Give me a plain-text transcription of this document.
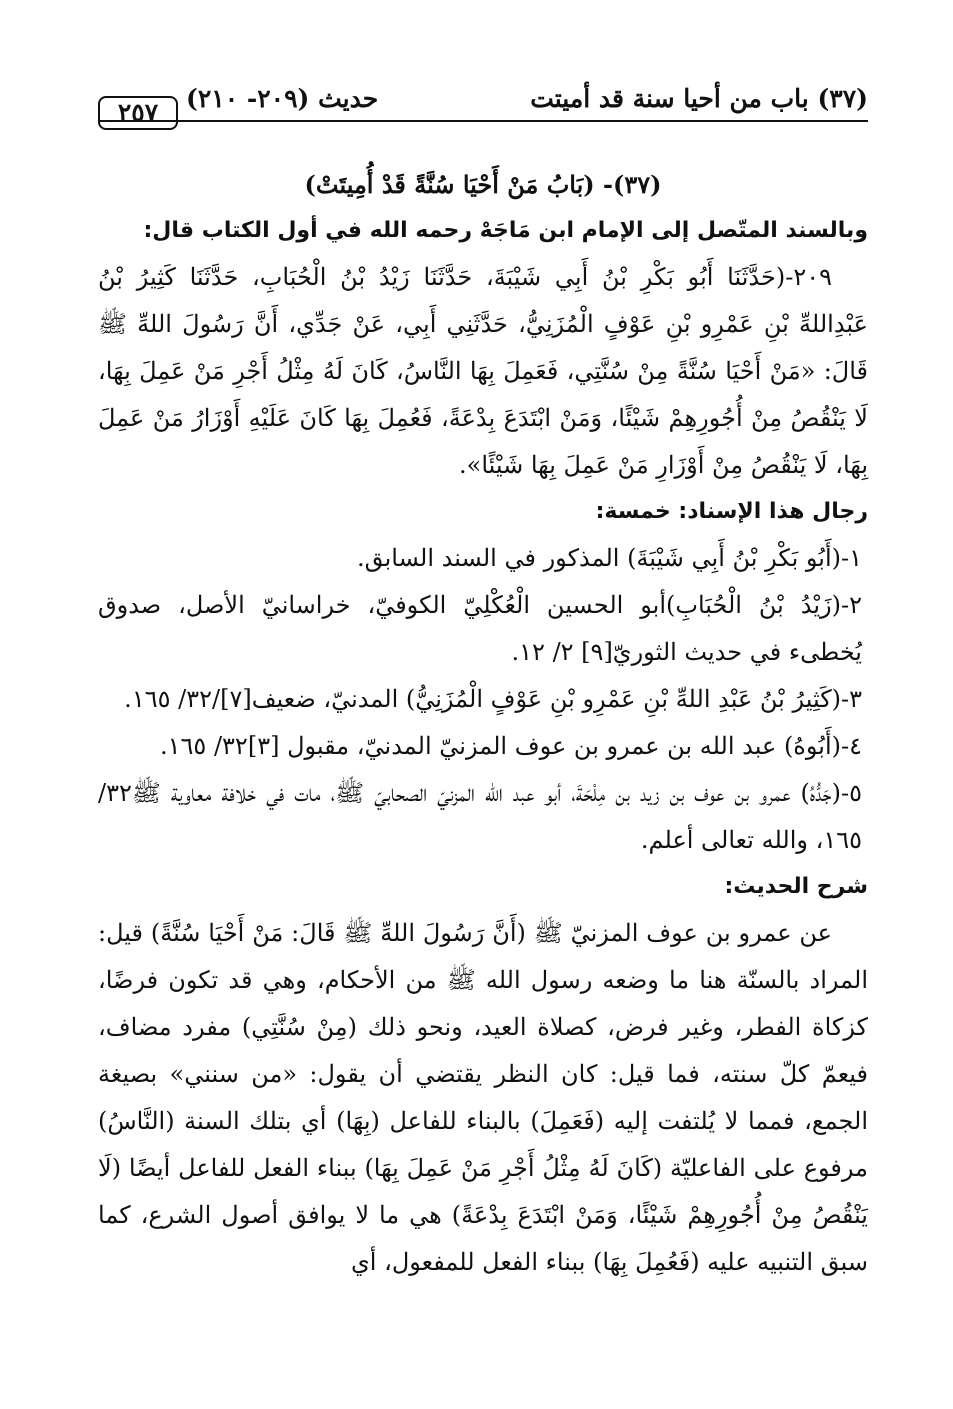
(٣٧) باب من أحيا سنة قد أميتت
حديث (٢٠٩- ٢١٠)
٢٥٧

(٣٧)- (بَابُ مَنْ أَحْيَا سُنَّةً قَدْ أُمِيتَتْ)

وبالسند المتّصل إلى الإمام ابن مَاجَهْ رحمه الله في أول الكتاب قال:

٢٠٩-(حَدَّثَنَا أَبُو بَكْرِ بْنُ أَبِي شَيْبَةَ، حَدَّثَنَا زَيْدُ بْنُ الْحُبَابِ، حَدَّثَنَا كَثِيرُ بْنُ عَبْدِاللهِّ بْنِ عَمْرِو بْنِ عَوْفٍ الْمُزَنِيُّ، حَدَّثَنِي أَبِي، عَنْ جَدِّي، أَنَّ رَسُولَ اللهِّ ﷺ قَالَ: «مَنْ أَحْيَا سُنَّةً مِنْ سُنَّتِي، فَعَمِلَ بِهَا النَّاسُ، كَانَ لَهُ مِثْلُ أَجْرِ مَنْ عَمِلَ بِهَا، لَا يَنْقُصُ مِنْ أُجُورِهِمْ شَيْئًا، وَمَنْ ابْتَدَعَ بِدْعَةً، فَعُمِلَ بِهَا كَانَ عَلَيْهِ أَوْزَارُ مَنْ عَمِلَ بِهَا، لَا يَنْقُصُ مِنْ أَوْزَارِ مَنْ عَمِلَ بِهَا شَيْئًا».

رجال هذا الإسناد: خمسة:

١-(أَبُو بَكْرِ بْنُ أَبِي شَيْبَةَ) المذكور في السند السابق.

٢-(زَيْدُ بْنُ الْحُبَابِ)أبو الحسين الْعُكْلِيّ الكوفيّ، خراسانيّ الأصل، صدوق يُخطىء في حديث الثوريّ[٩] ٢/ ١٢.

٣-(كَثِيرُ بْنُ عَبْدِ اللهِّ بْنِ عَمْرِو بْنِ عَوْفٍ الْمُزَنِيُّ) المدنيّ، ضعيف[٧]/٣٢/ ١٦٥.

٤-(أَبُوهُ) عبد الله بن عمرو بن عوف المزنيّ المدنيّ، مقبول [٣]٣٢/ ١٦٥.

٥-(جَدُّهُ) عمرو بن عوف بن زيد بن مِلْحَةَ، أبو عبد الله المزنيّ الصحابيّ ﷺ، مات في خلافة معاوية ﷺ٣٢/ ١٦٥، والله تعالى أعلم.

شرح الحديث:

عن عمرو بن عوف المزنيّ ﷺ (أَنَّ رَسُولَ اللهِّ ﷺ قَالَ: مَنْ أَحْيَا سُنَّةً) قيل: المراد بالسنّة هنا ما وضعه رسول الله ﷺ من الأحكام، وهي قد تكون فرضًا، كزكاة الفطر، وغير فرض، كصلاة العيد، ونحو ذلك (مِنْ سُنَّتِي) مفرد مضاف، فيعمّ كلّ سنته، فما قيل: كان النظر يقتضي أن يقول: «من سنني» بصيغة الجمع، فمما لا يُلتفت إليه (فَعَمِلَ) بالبناء للفاعل (بِهَا) أي بتلك السنة (النَّاسُ) مرفوع على الفاعليّة (كَانَ لَهُ مِثْلُ أَجْرِ مَنْ عَمِلَ بِهَا) ببناء الفعل للفاعل أيضًا (لَا يَنْقُصُ مِنْ أُجُورِهِمْ شَيْئًا، وَمَنْ ابْتَدَعَ بِدْعَةً) هي ما لا يوافق أصول الشرع، كما سبق التنبيه عليه (فَعُمِلَ بِهَا) ببناء الفعل للمفعول، أي
